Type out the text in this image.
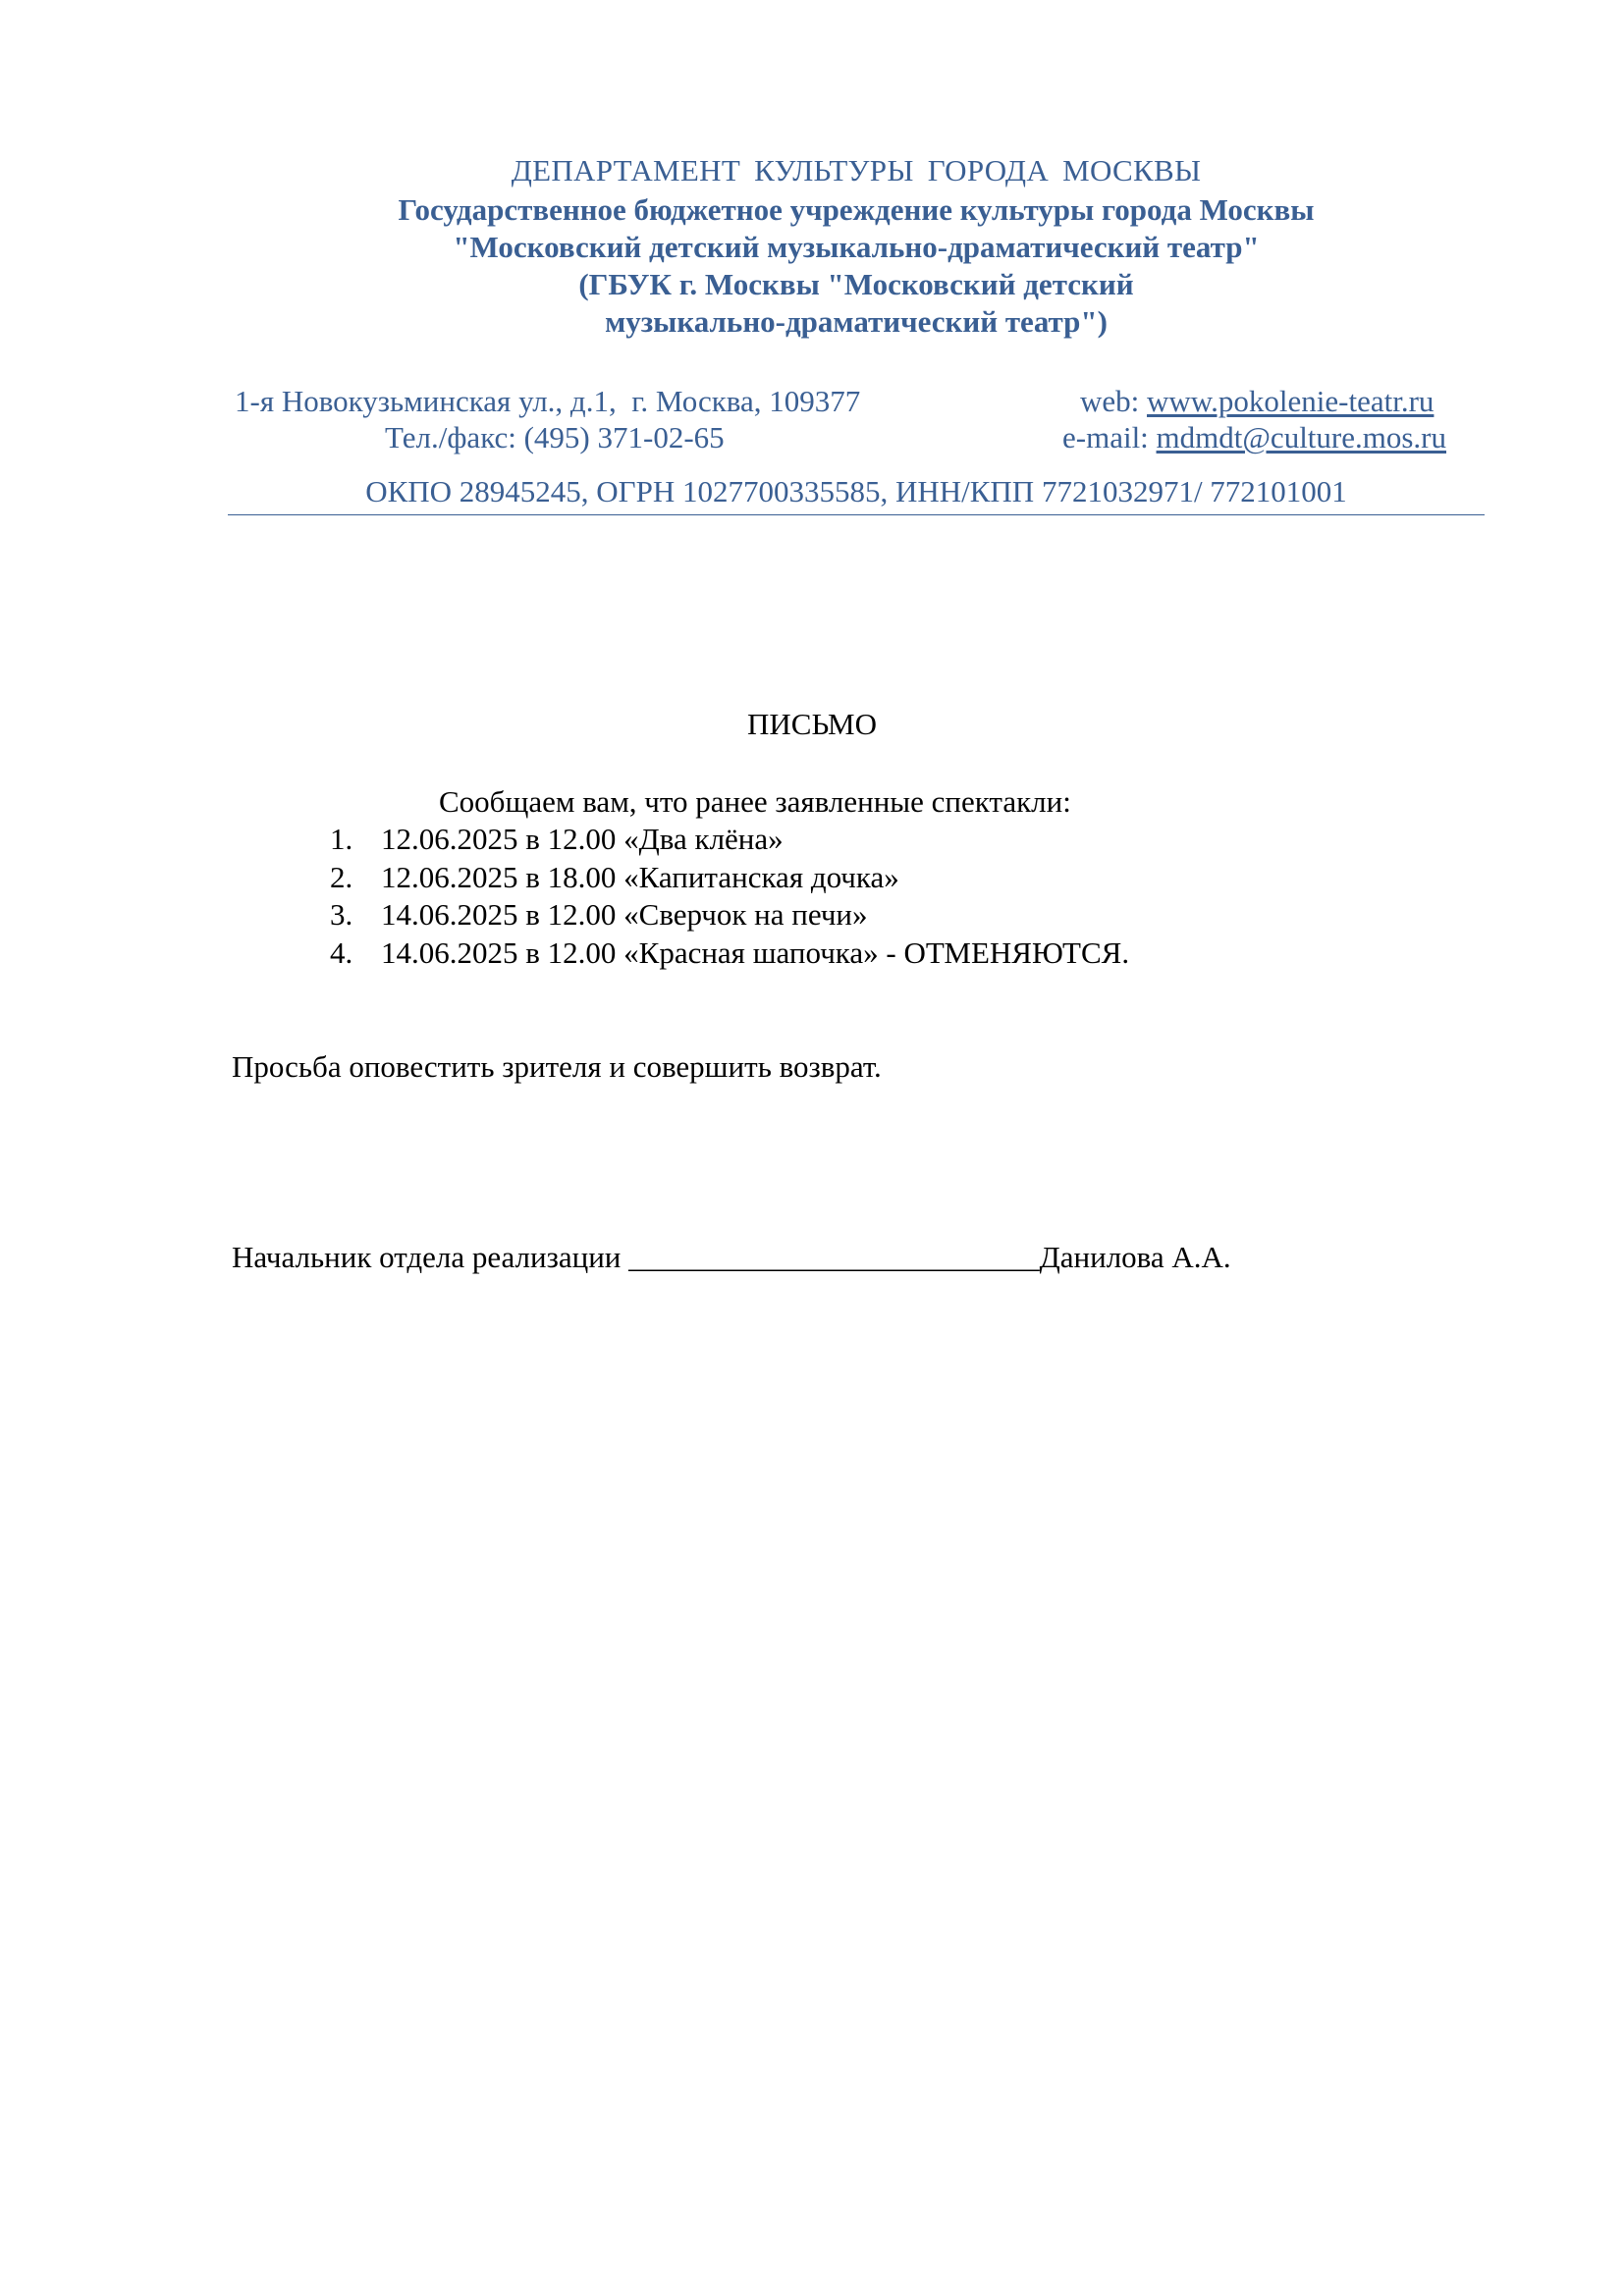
ДЕПАРТАМЕНТ КУЛЬТУРЫ ГОРОДА МОСКВЫ
Государственное бюджетное учреждение культуры города Москвы
"Московский детский музыкально-драматический театр"
(ГБУК г. Москвы "Московский детский
музыкально-драматический театр")
1-я Новокузьминская ул., д.1,  г. Москва, 109377	web: www.pokolenie-teatr.ru
Тел./факс: (495) 371-02-65	e-mail: mdmdt@culture.mos.ru
ОКПО 28945245, ОГРН 1027700335585, ИНН/КПП 7721032971/ 772101001
ПИСЬМО
Сообщаем вам, что ранее заявленные спектакли:
1. 12.06.2025 в 12.00 «Два клёна»
2. 12.06.2025 в 18.00 «Капитанская дочка»
3. 14.06.2025 в 12.00 «Сверчок на печи»
4. 14.06.2025 в 12.00 «Красная шапочка» - ОТМЕНЯЮТСЯ.
Просьба оповестить зрителя и совершить возврат.
Начальник отдела реализации ___________________________Данилова А.А.
